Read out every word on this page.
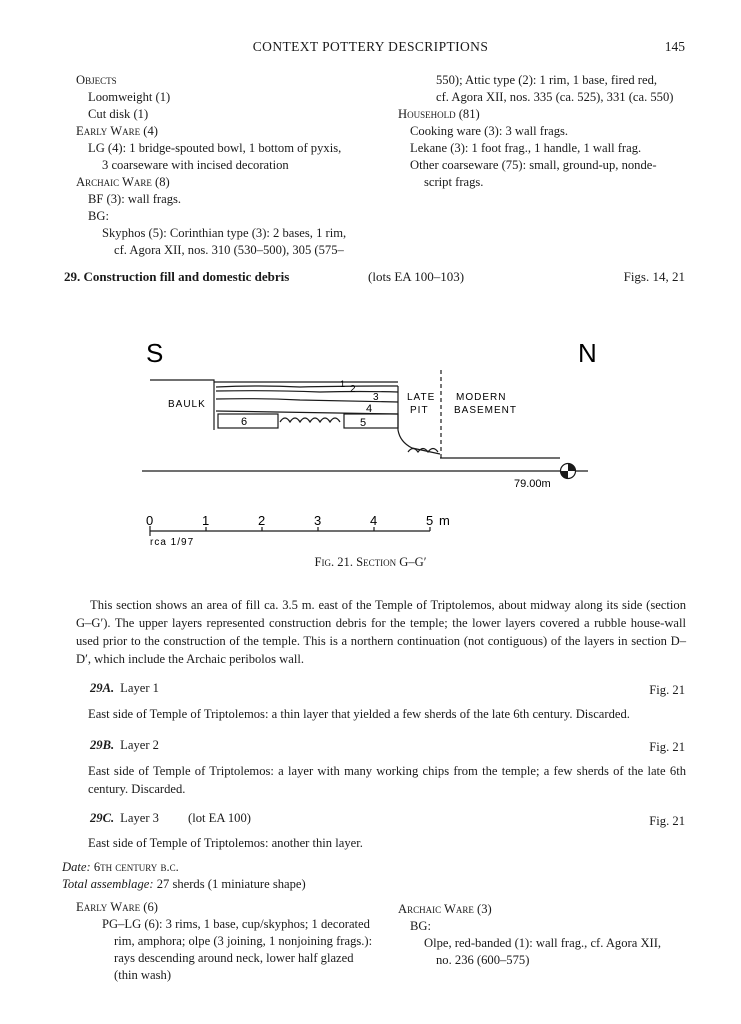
CONTEXT POTTERY DESCRIPTIONS	145
Objects
Loomweight (1)
Cut disk (1)
Early Ware (4)
LG (4): 1 bridge-spouted bowl, 1 bottom of pyxis,
3 coarseware with incised decoration
Archaic Ware (8)
BF (3): wall frags.
BG:
Skyphos (5): Corinthian type (3): 2 bases, 1 rim,
cf. Agora XII, nos. 310 (530–500), 305 (575–
550); Attic type (2): 1 rim, 1 base, fired red,
cf. Agora XII, nos. 335 (ca. 525), 331 (ca. 550)
Household (81)
Cooking ware (3): 3 wall frags.
Lekane (3): 1 foot frag., 1 handle, 1 wall frag.
Other coarseware (75): small, ground-up, nonde-
script frags.
29. Construction fill and domestic debris	(lots EA 100–103)	Figs. 14, 21
S	N
BAULK
LATE
PIT
MODERN
BASEMENT
1 2
3
4
5
6
79.00m
0	1	2	3	4	5 m
rca 1/97
Fig. 21. Section G–G′

This section shows an area of fill ca. 3.5 m. east of the Temple of Triptolemos, about midway along its side (section G–G′). The upper layers represented construction debris for the temple; the lower layers covered a rubble house-wall used prior to the construction of the temple. This is a northern continuation (not contiguous) of the layers in section D–D′, which include the Archaic peribolos wall.

29A. Layer 1	Fig. 21
East side of Temple of Triptolemos: a thin layer that yielded a few sherds of the late 6th century. Discarded.
29B. Layer 2	Fig. 21
East side of Temple of Triptolemos: a layer with many working chips from the temple; a few sherds of the late 6th century. Discarded.
29C. Layer 3 (lot EA 100)	Fig. 21
East side of Temple of Triptolemos: another thin layer.
Date: 6th century b.c.
Total assemblage: 27 sherds (1 miniature shape)
Early Ware (6)
PG–LG (6): 3 rims, 1 base, cup/skyphos; 1 decorated rim, amphora; olpe (3 joining, 1 nonjoining frags.): rays descending around neck, lower half glazed (thin wash)
Archaic Ware (3)
BG:
Olpe, red-banded (1): wall frag., cf. Agora XII,
no. 236 (600–575)
